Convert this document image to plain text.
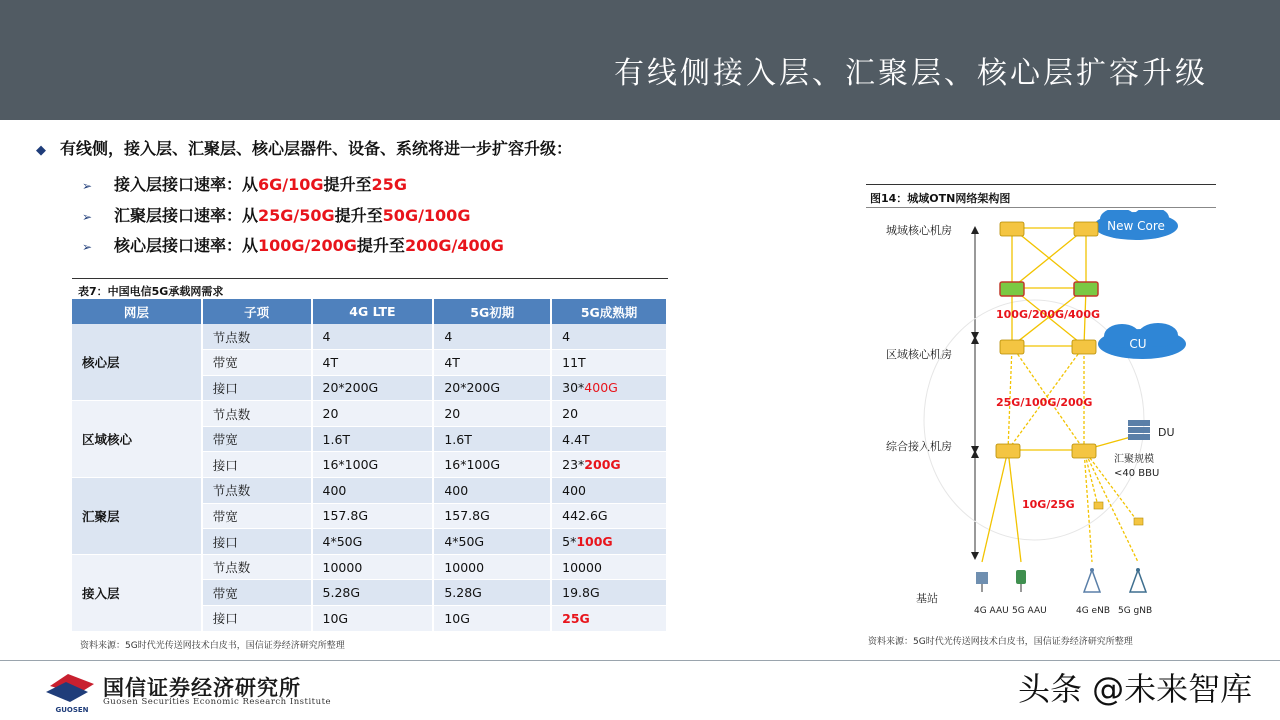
有线侧接入层、汇聚层、核心层扩容升级
◆ 有线侧，接入层、汇聚层、核心层器件、设备、系统将进一步扩容升级：
➢ 接入层接口速率：从6G/10G提升至25G
➢ 汇聚层接口速率：从25G/50G提升至50G/100G
➢ 核心层接口速率：从100G/200G提升至200G/400G
表7：中国电信5G承载网需求
网层	子项	4G LTE	5G初期	5G成熟期
核心层	节点数	4	4	4
	带宽	4T	4T	11T
	接口	20*200G	20*200G	30*400G
区域核心	节点数	20	20	20
	带宽	1.6T	1.6T	4.4T
	接口	16*100G	16*100G	23*200G
汇聚层	节点数	400	400	400
	带宽	157.8G	157.8G	442.6G
	接口	4*50G	4*50G	5*100G
接入层	节点数	10000	10000	10000
	带宽	5.28G	5.28G	19.8G
	接口	10G	10G	25G
资料来源：5G时代光传送网技术白皮书，国信证券经济研究所整理
图14：城域OTN网络架构图
城域核心机房
区域核心机房
综合接入机房
基站
New Core
CU
DU
汇聚规模
<40 BBU
100G/200G/400G
25G/100G/200G
10G/25G
4G AAU 5G AAU	4G eNB 5G gNB
资料来源：5G时代光传送网技术白皮书，国信证券经济研究所整理
GUOSEN
国信证券经济研究所
Guosen Securities Economic Research Institute	头条 @未来智库
